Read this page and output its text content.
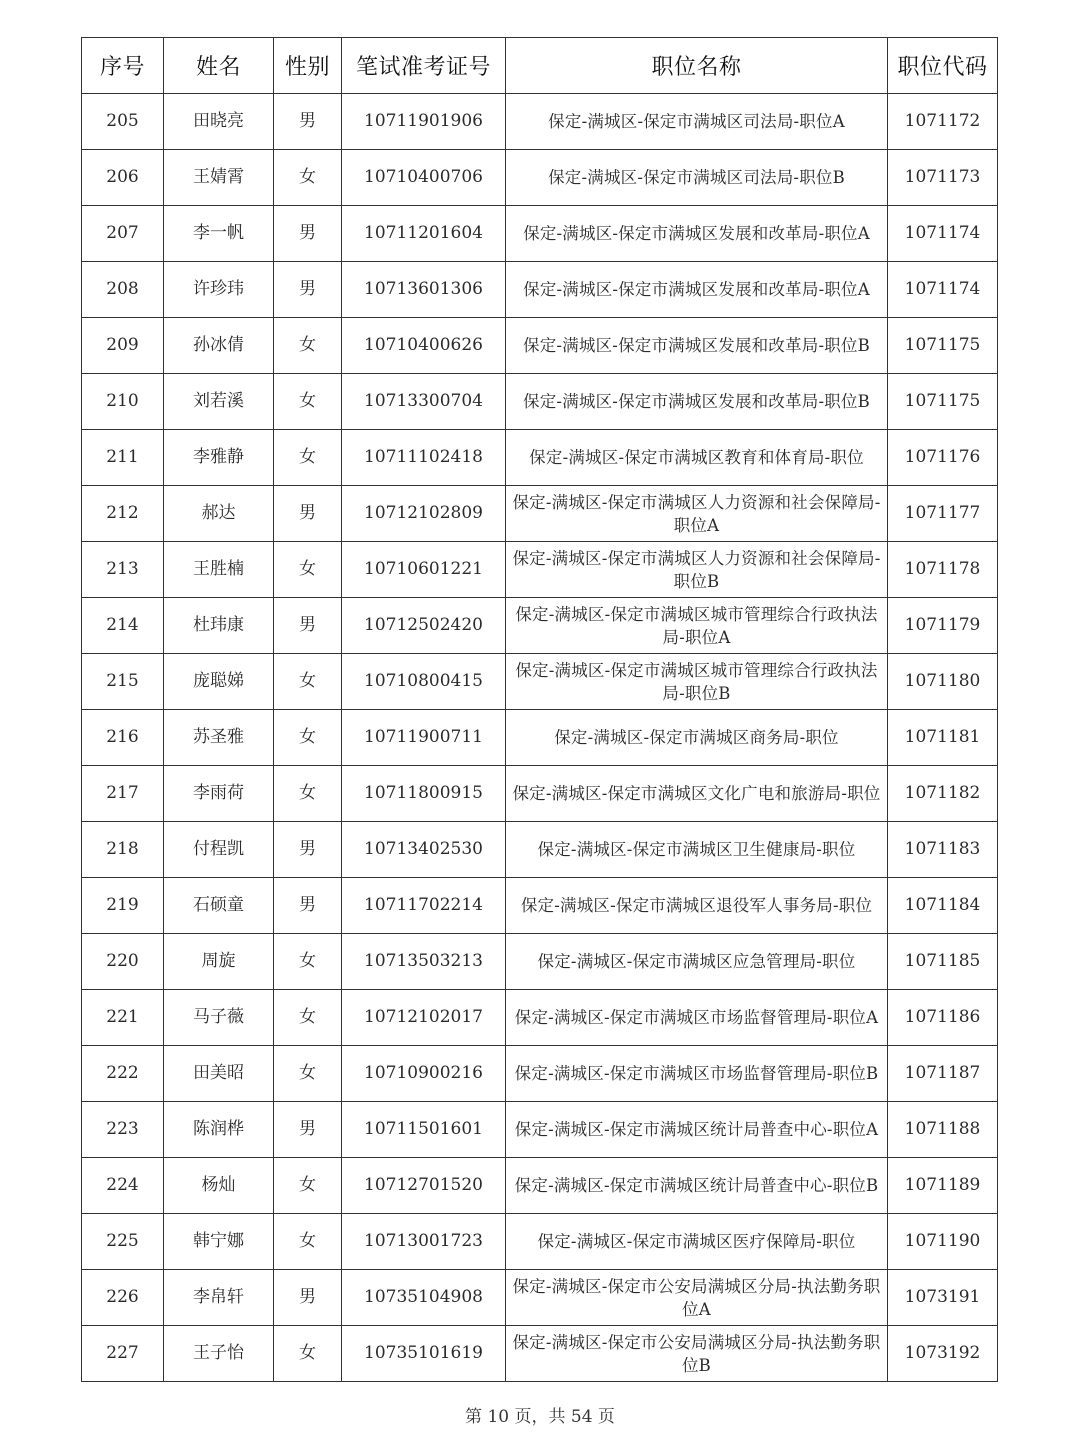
序号	姓名	性别	笔试准考证号	职位名称	职位代码
205	田晓亮	男	10711901906	保定-满城区-保定市满城区司法局-职位A	1071172
206	王婧霄	女	10710400706	保定-满城区-保定市满城区司法局-职位B	1071173
207	李一帆	男	10711201604	保定-满城区-保定市满城区发展和改革局-职位A	1071174
208	许珍玮	男	10713601306	保定-满城区-保定市满城区发展和改革局-职位A	1071174
209	孙冰倩	女	10710400626	保定-满城区-保定市满城区发展和改革局-职位B	1071175
210	刘若溪	女	10713300704	保定-满城区-保定市满城区发展和改革局-职位B	1071175
211	李雅静	女	10711102418	保定-满城区-保定市满城区教育和体育局-职位	1071176
212	郝达	男	10712102809	保定-满城区-保定市满城区人力资源和社会保障局-职位A	1071177
213	王胜楠	女	10710601221	保定-满城区-保定市满城区人力资源和社会保障局-职位B	1071178
214	杜玮康	男	10712502420	保定-满城区-保定市满城区城市管理综合行政执法局-职位A	1071179
215	庞聪娣	女	10710800415	保定-满城区-保定市满城区城市管理综合行政执法局-职位B	1071180
216	苏圣雅	女	10711900711	保定-满城区-保定市满城区商务局-职位	1071181
217	李雨荷	女	10711800915	保定-满城区-保定市满城区文化广电和旅游局-职位	1071182
218	付程凯	男	10713402530	保定-满城区-保定市满城区卫生健康局-职位	1071183
219	石硕童	男	10711702214	保定-满城区-保定市满城区退役军人事务局-职位	1071184
220	周旋	女	10713503213	保定-满城区-保定市满城区应急管理局-职位	1071185
221	马子薇	女	10712102017	保定-满城区-保定市满城区市场监督管理局-职位A	1071186
222	田美昭	女	10710900216	保定-满城区-保定市满城区市场监督管理局-职位B	1071187
223	陈润桦	男	10711501601	保定-满城区-保定市满城区统计局普查中心-职位A	1071188
224	杨灿	女	10712701520	保定-满城区-保定市满城区统计局普查中心-职位B	1071189
225	韩宁娜	女	10713001723	保定-满城区-保定市满城区医疗保障局-职位	1071190
226	李帛轩	男	10735104908	保定-满城区-保定市公安局满城区分局-执法勤务职位A	1073191
227	王子怡	女	10735101619	保定-满城区-保定市公安局满城区分局-执法勤务职位B	1073192
第 10 页，共 54 页
